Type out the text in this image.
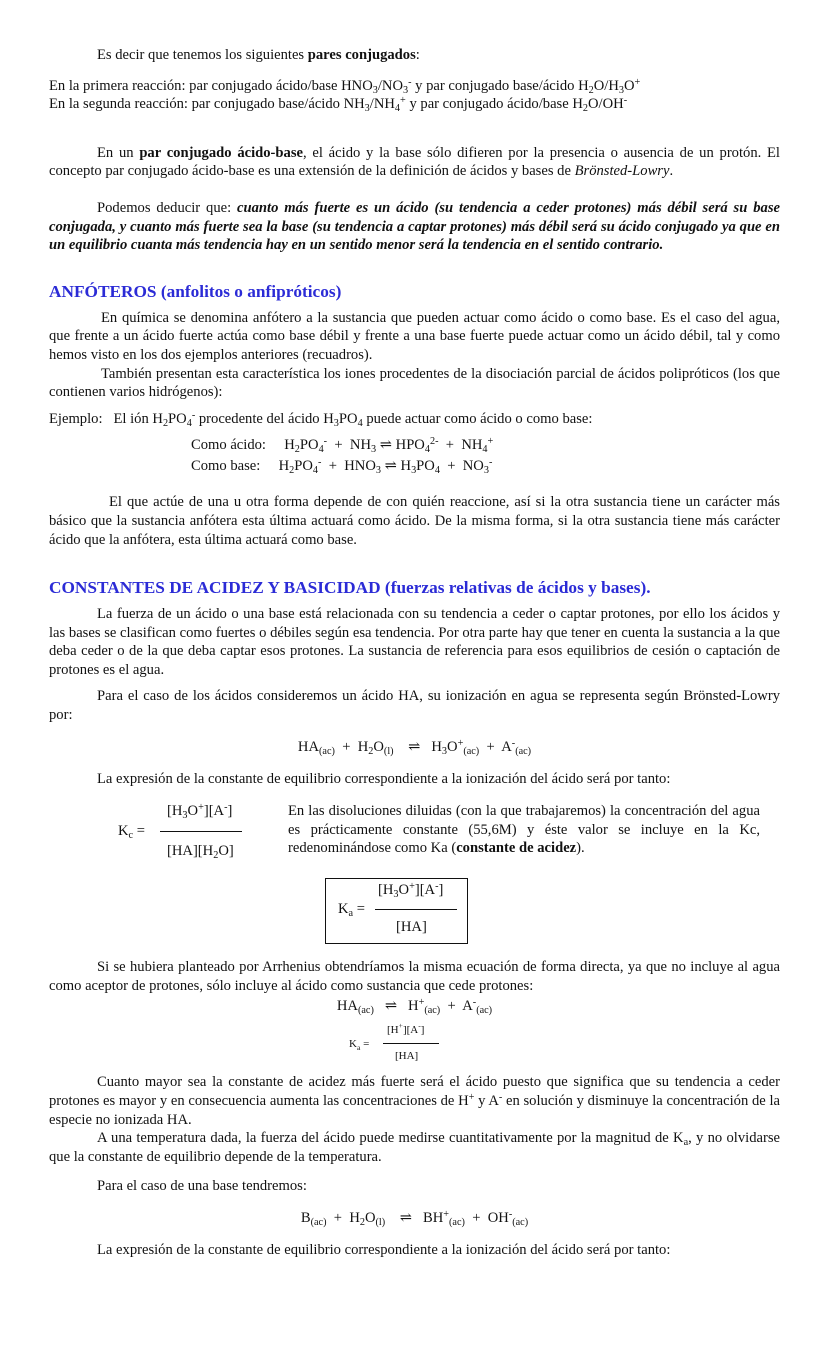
Es decir que tenemos los siguientes pares conjugados:

En la primera reacción: par conjugado ácido/base $HNO_3/NO_3^-$ y par conjugado base/ácido $H_2O/H_3O^+$

En la segunda reacción: par conjugado base/ácido $NH_3/NH_4^+$ y par conjugado ácido/base $H_2O/OH^-$

En un par conjugado ácido-base, el ácido y la base sólo difieren por la presencia o ausencia de un protón. El concepto par conjugado ácido-base es una extensión de la definición de ácidos y bases de Brönsted-Lowry.

Podemos deducir que: cuanto más fuerte es un ácido (su tendencia a ceder protones) más débil será su base conjugada, y cuanto más fuerte sea la base (su tendencia a captar protones) más débil será su ácido conjugado ya que en un equilibrio cuanta más tendencia hay en un sentido menor será la tendencia en el sentido contrario.

ANFÓTEROS (anfolitos o anfipróticos)

En química se denomina anfótero a la sustancia que pueden actuar como ácido o como base. Es el caso del agua, que frente a un ácido fuerte actúa como base débil y frente a una base fuerte puede actuar como un ácido débil, tal y como hemos visto en los dos ejemplos anteriores (recuadros).

También presentan esta característica los iones procedentes de la disociación parcial de ácidos polipróticos (los que contienen varios hidrógenos):

Ejemplo: El ión $H_2PO_4^-$ procedente del ácido $H_3PO_4$ puede actuar como ácido o como base:

Como ácido: $H_2PO_4^- + NH_3$ ⇌ $HPO_4^{2-} + NH_4^+$
Como base: $H_2PO_4^- + HNO_3$ ⇌ $H_3PO_4 + NO_3^-$

El que actúe de una u otra forma depende de con quién reaccione, así si la otra sustancia tiene un carácter más básico que la sustancia anfótera esta última actuará como ácido. De la misma forma, si la otra sustancia tiene más carácter ácido que la anfótera, esta última actuará como base.

CONSTANTES DE ACIDEZ Y BASICIDAD (fuerzas relativas de ácidos y bases).

La fuerza de un ácido o una base está relacionada con su tendencia a ceder o captar protones, por ello los ácidos y las bases se clasifican como fuertes o débiles según esa tendencia. Por otra parte hay que tener en cuenta la sustancia a la que deba ceder o de la que deba captar esos protones. La sustancia de referencia para esos equilibrios de cesión o captación de protones es el agua.

Para el caso de los ácidos consideremos un ácido HA, su ionización en agua se representa según Brönsted-Lowry por:

$HA_{(ac)} + H_2O_{(l)}$ ⇌ $H_3O^+_{(ac)} + A^-_{(ac)}$

La expresión de la constante de equilibrio correspondiente a la ionización del ácido será por tanto:

$K_c$ =
$[H_3O^+][A^-]$
$[HA][H_2O]$

En las disoluciones diluidas (con la que trabajaremos) la concentración del agua es prácticamente constante (55,6M) y éste valor se incluye en la Kc, redenominándose como Ka (constante de acidez).

$K_a$ =
$[H_3O^+][A^-]$
[HA]

Si se hubiera planteado por Arrhenius obtendríamos la misma ecuación de forma directa, ya que no incluye al agua como aceptor de protones, sólo incluye al ácido como sustancia que cede protones:

$HA_{(ac)}$ ⇌ $H^+_{(ac)} + A^-_{(ac)}$
$K_a$ =
[H+][A-]
[HA]

Cuanto mayor sea la constante de acidez más fuerte será el ácido puesto que significa que su tendencia a ceder protones es mayor y en consecuencia aumenta las concentraciones de H+ y A- en solución y disminuye la concentración de la especie no ionizada HA.

A una temperatura dada, la fuerza del ácido puede medirse cuantitativamente por la magnitud de $K_a$, y no olvidarse que la constante de equilibrio depende de la temperatura.

Para el caso de una base tendremos:

$B_{(ac)} + H_2O_{(l)}$ ⇌ $BH^+_{(ac)} + OH^-_{(ac)}$

La expresión de la constante de equilibrio correspondiente a la ionización del ácido será por tanto:
